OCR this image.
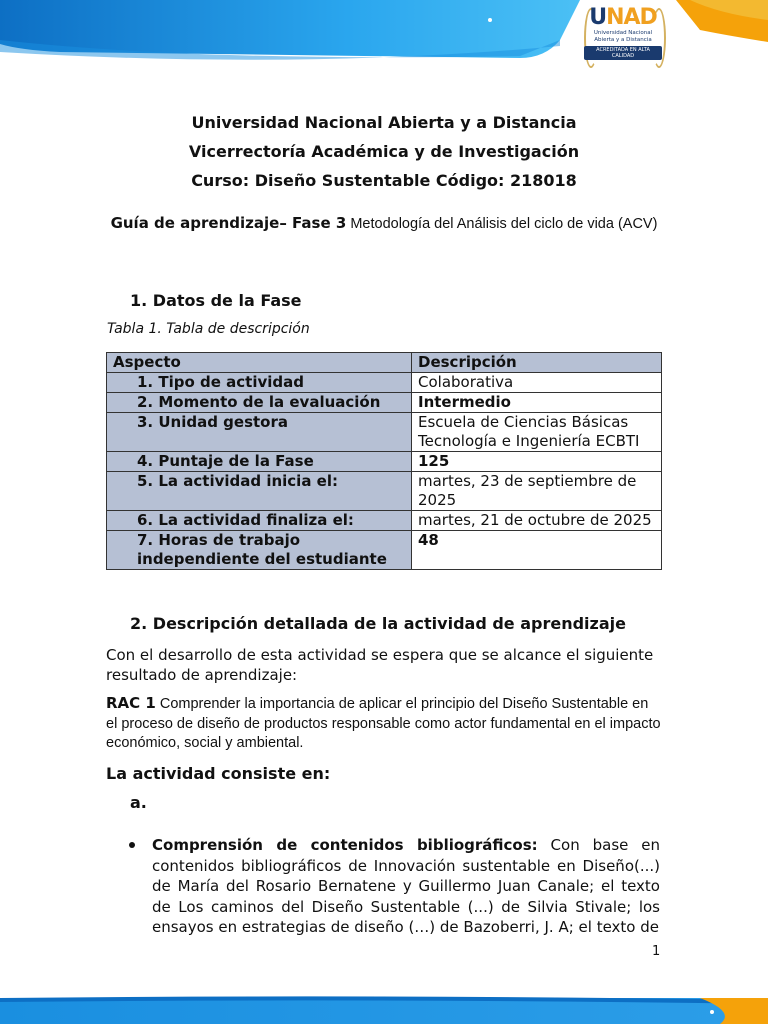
UNAD
Universidad Nacional
Abierta y a Distancia
ACREDITADA EN ALTA CALIDAD
Universidad Nacional Abierta y a Distancia
Vicerrectoría Académica y de Investigación
Curso: Diseño Sustentable Código: 218018
Guía de aprendizaje– Fase 3 Metodología del Análisis del ciclo de vida (ACV)
1. Datos de la Fase
Tabla 1. Tabla de descripción
Aspecto	Descripción
1. Tipo de actividad	Colaborativa
2. Momento de la evaluación	Intermedio
3. Unidad gestora	Escuela de Ciencias Básicas Tecnología e Ingeniería ECBTI
4. Puntaje de la Fase	125
5. La actividad inicia el:	martes, 23 de septiembre de 2025
6. La actividad finaliza el:	martes, 21 de octubre de 2025
7. Horas de trabajo independiente del estudiante	48
2. Descripción detallada de la actividad de aprendizaje
Con el desarrollo de esta actividad se espera que se alcance el siguiente resultado de aprendizaje:
RAC 1 Comprender la importancia de aplicar el principio del Diseño Sustentable en el proceso de diseño de productos responsable como actor fundamental en el impacto económico, social y ambiental.
La actividad consiste en:
a.
Comprensión de contenidos bibliográficos: Con base en contenidos bibliográficos de Innovación sustentable en Diseño(...) de María del Rosario Bernatene y Guillermo Juan Canale; el texto de Los caminos del Diseño Sustentable (...) de Silvia Stivale; los ensayos en estrategias de diseño (…) de Bazoberri, J. A; el texto de
1
